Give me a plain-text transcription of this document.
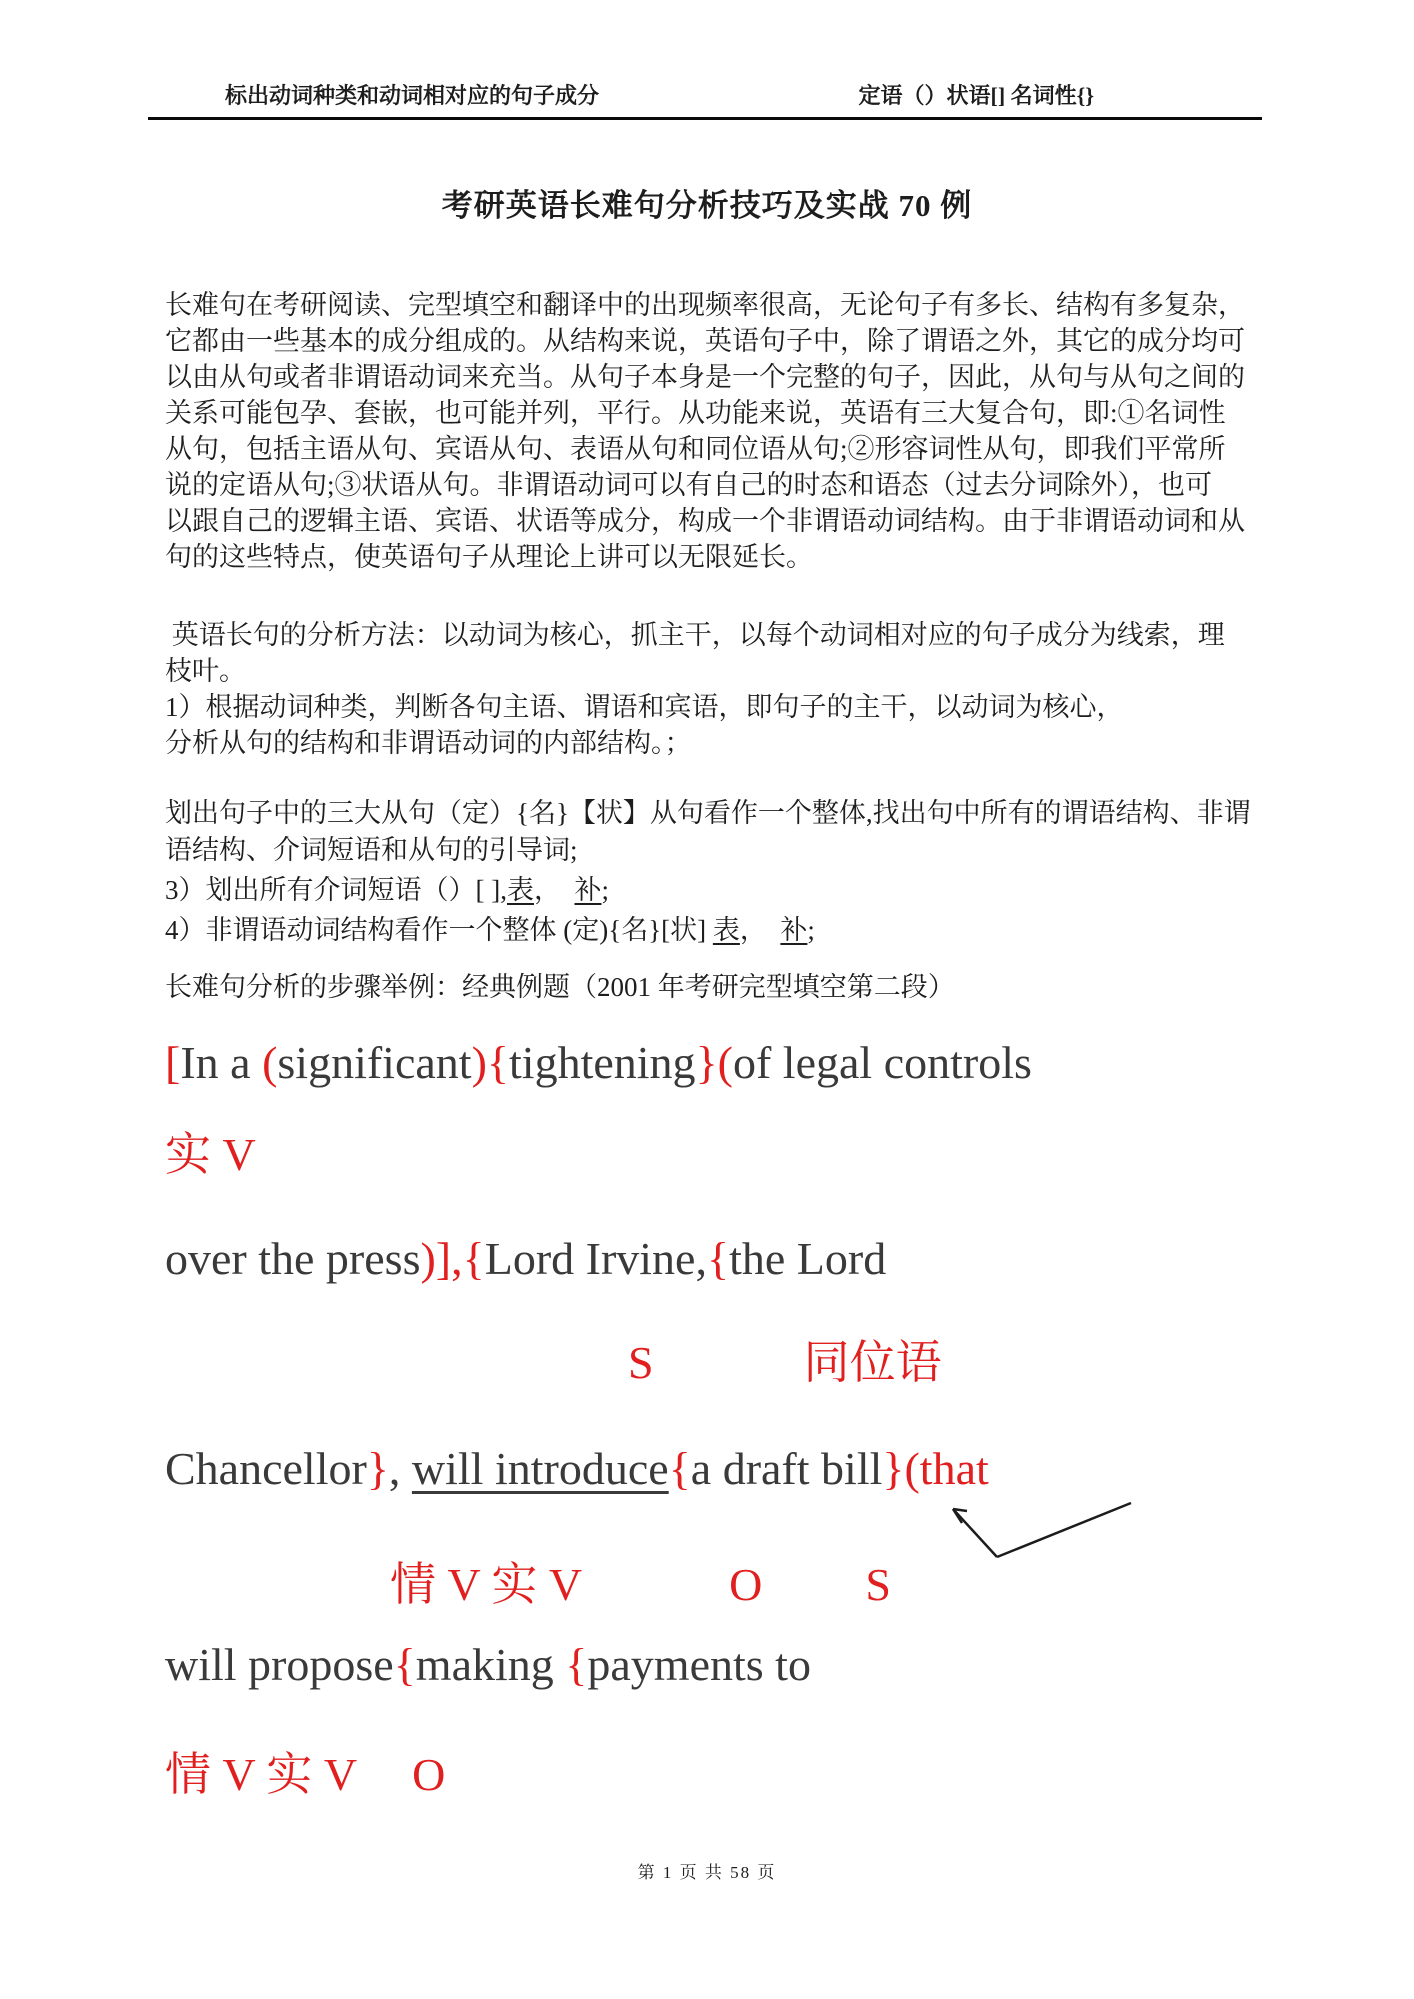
标出动词种类和动词相对应的句子成分	定语（）状语[] 名词性{}
考研英语长难句分析技巧及实战 70 例
长难句在考研阅读、完型填空和翻译中的出现频率很高，无论句子有多长、结构有多复杂，
它都由一些基本的成分组成的。从结构来说，英语句子中，除了谓语之外，其它的成分均可
以由从句或者非谓语动词来充当。从句子本身是一个完整的句子，因此，从句与从句之间的
关系可能包孕、套嵌，也可能并列，平行。从功能来说，英语有三大复合句，即:①名词性
从句，包括主语从句、宾语从句、表语从句和同位语从句;②形容词性从句，即我们平常所
说的定语从句;③状语从句。非谓语动词可以有自己的时态和语态（过去分词除外），也可
以跟自己的逻辑主语、宾语、状语等成分，构成一个非谓语动词结构。由于非谓语动词和从
句的这些特点，使英语句子从理论上讲可以无限延长。
英语长句的分析方法：以动词为核心，抓主干，以每个动词相对应的句子成分为线索，理
枝叶。
1）根据动词种类，判断各句主语、谓语和宾语，即句子的主干，以动词为核心，
分析从句的结构和非谓语动词的内部结构。；
划出句子中的三大从句（定）{名}【状】从句看作一个整体,找出句中所有的谓语结构、非谓
语结构、介词短语和从句的引导词;
3）划出所有介词短语（）[ ],表，　补;
4）非谓语动词结构看作一个整体 (定){名}[状] 表，　补;
长难句分析的步骤举例：经典例题（2001 年考研完型填空第二段）
[In a (significant){tightening}(of legal controls
实 V
over the press)],{Lord Irvine,{the Lord
S	同位语
Chancellor}, will introduce{a draft bill}(that
情 V 实 V	O S
will propose{making {payments to
情 V 实 V O
第 1 页 共 58 页
